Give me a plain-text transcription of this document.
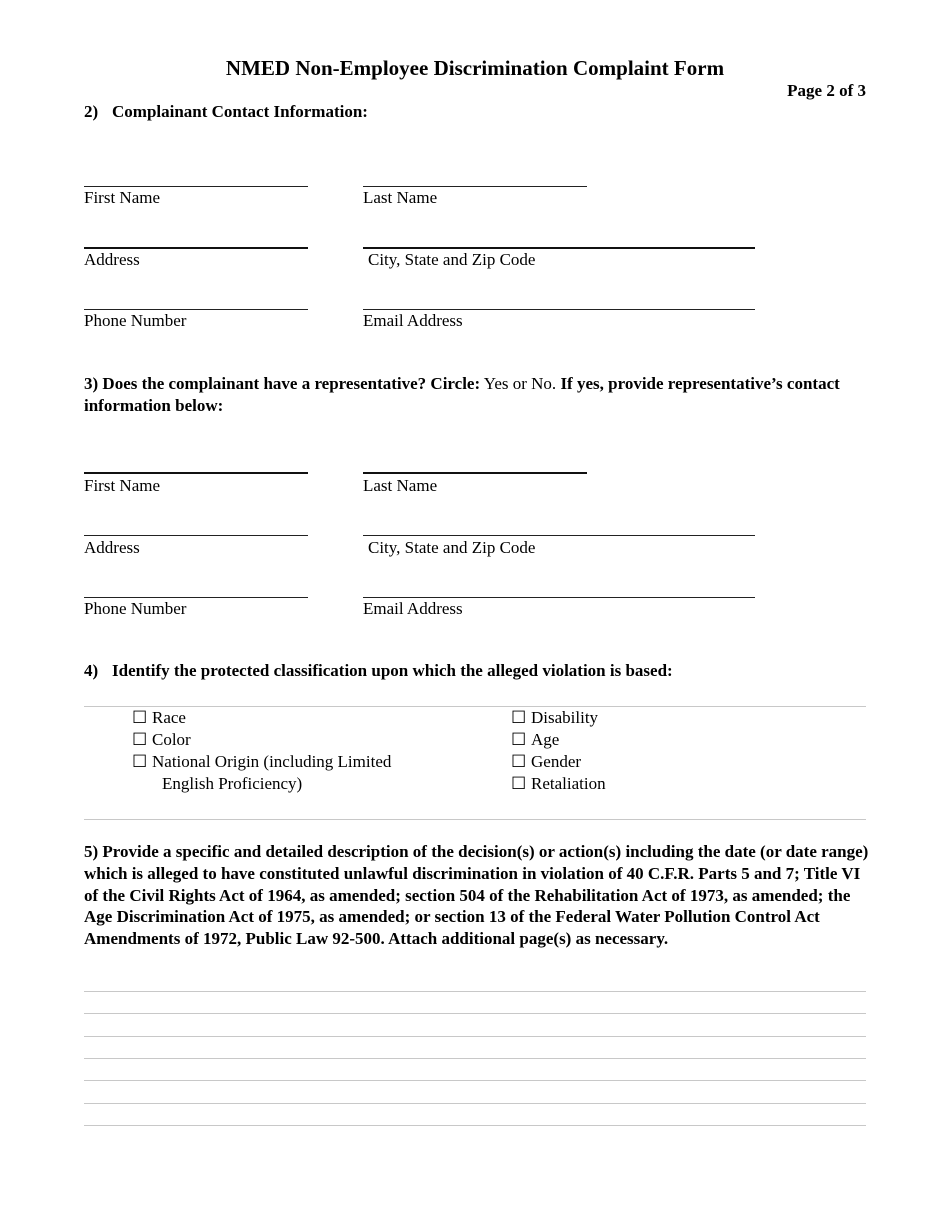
NMED Non-Employee Discrimination Complaint Form
Page 2 of 3
2) Complainant Contact Information:
First Name	Last Name
Address	City, State and Zip Code
Phone Number	Email Address
3) Does the complainant have a representative? Circle: Yes or No. If yes, provide representative’s contact information below:
First Name	Last Name
Address	City, State and Zip Code
Phone Number	Email Address
4) Identify the protected classification upon which the alleged violation is based:
☐ Race
☐ Color
☐ National Origin (including Limited
English Proficiency)
☐ Disability
☐ Age
☐ Gender
☐ Retaliation

5) Provide a specific and detailed description of the decision(s) or action(s) including the date (or date range) which is alleged to have constituted unlawful discrimination in violation of 40 C.F.R. Parts 5 and 7; Title VI of the Civil Rights Act of 1964, as amended; section 504 of the Rehabilitation Act of 1973, as amended; the Age Discrimination Act of 1975, as amended; or section 13 of the Federal Water Pollution Control Act Amendments of 1972, Public Law 92-500. Attach additional page(s) as necessary.
